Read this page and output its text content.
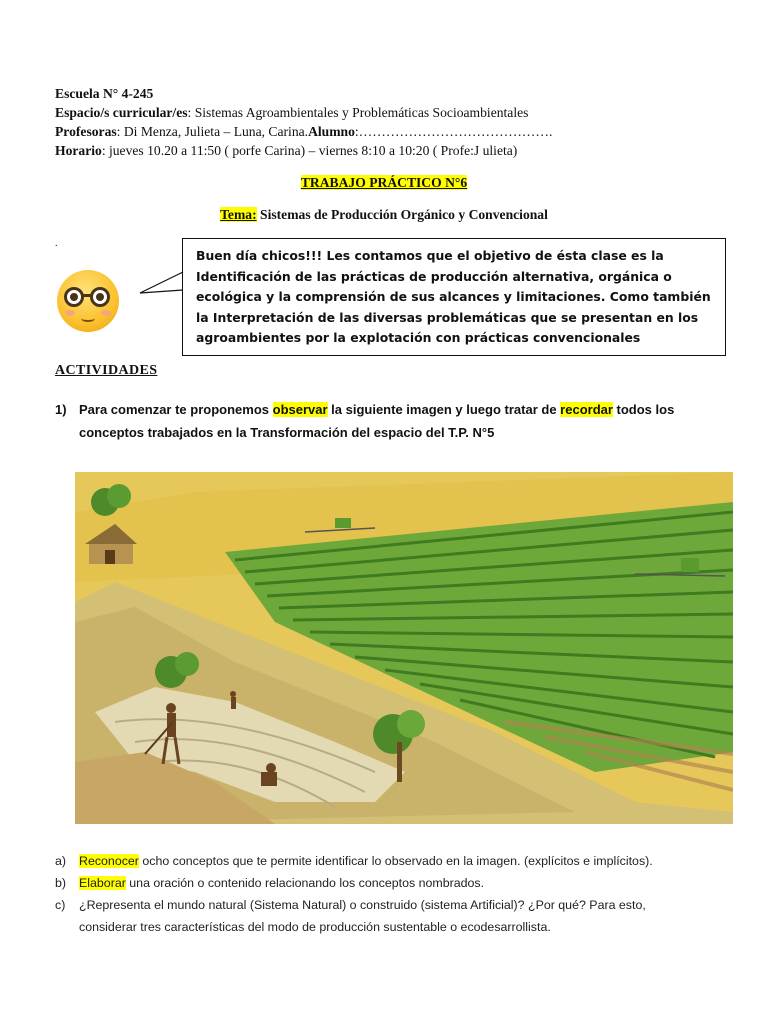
Escuela N° 4-245
Espacio/s curricular/es: Sistemas Agroambientales y Problemáticas Socioambientales
Profesoras: Di Menza, Julieta – Luna, Carina.Alumno:…………………………………….
Horario: jueves 10.20 a 11:50 ( porfe Carina) – viernes 8:10 a 10:20 ( Profe:J ulieta)
TRABAJO PRÁCTICO N°6
Tema: Sistemas de Producción Orgánico y Convencional
.
Buen día chicos!!! Les contamos que el objetivo de ésta clase es la Identificación de las prácticas de producción alternativa, orgánica o ecológica y la comprensión de sus alcances y limitaciones. Como también la Interpretación de las diversas problemáticas que se presentan en los agroambientes por la explotación con prácticas convencionales
ACTIVIDADES
1) Para comenzar te proponemos observar la siguiente imagen y luego tratar de recordar todos los conceptos trabajados en la Transformación del espacio del T.P. N°5
a) Reconocer ocho conceptos que te permite identificar lo observado en la imagen. (explícitos e implícitos).
b) Elaborar una oración o contenido relacionando los conceptos nombrados.
c) ¿Representa el mundo natural (Sistema Natural) o construido (sistema Artificial)? ¿Por qué? Para esto,
considerar tres características del modo de producción sustentable o ecodesarrollista.
